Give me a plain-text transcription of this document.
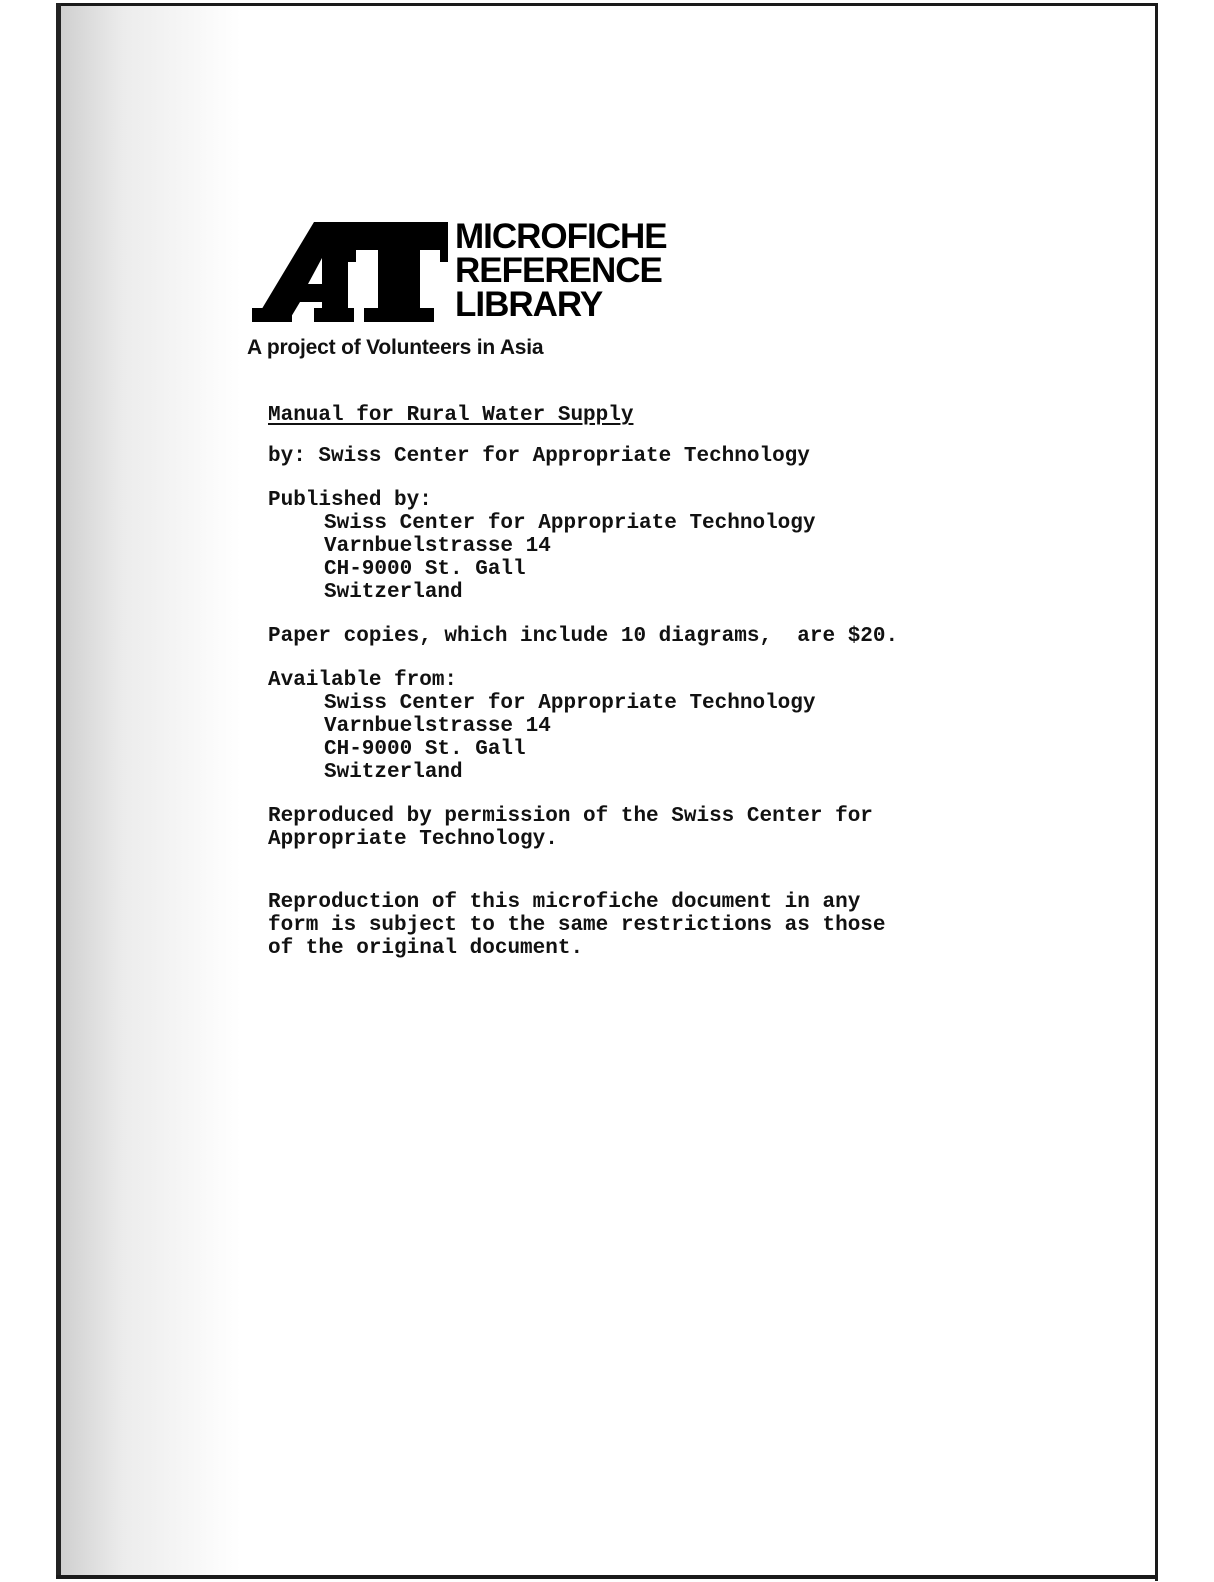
MICROFICHE
REFERENCE
LIBRARY
A project of Volunteers in Asia
Manual for Rural Water Supply
by: Swiss Center for Appropriate Technology
Published by:
Swiss Center for Appropriate Technology
Varnbuelstrasse 14
CH-9000 St. Gall
Switzerland
Paper copies, which include 10 diagrams,  are $20.
Available from:
Swiss Center for Appropriate Technology
Varnbuelstrasse 14
CH-9000 St. Gall
Switzerland
Reproduced by permission of the Swiss Center for
Appropriate Technology.
Reproduction of this microfiche document in any
form is subject to the same restrictions as those
of the original document.
